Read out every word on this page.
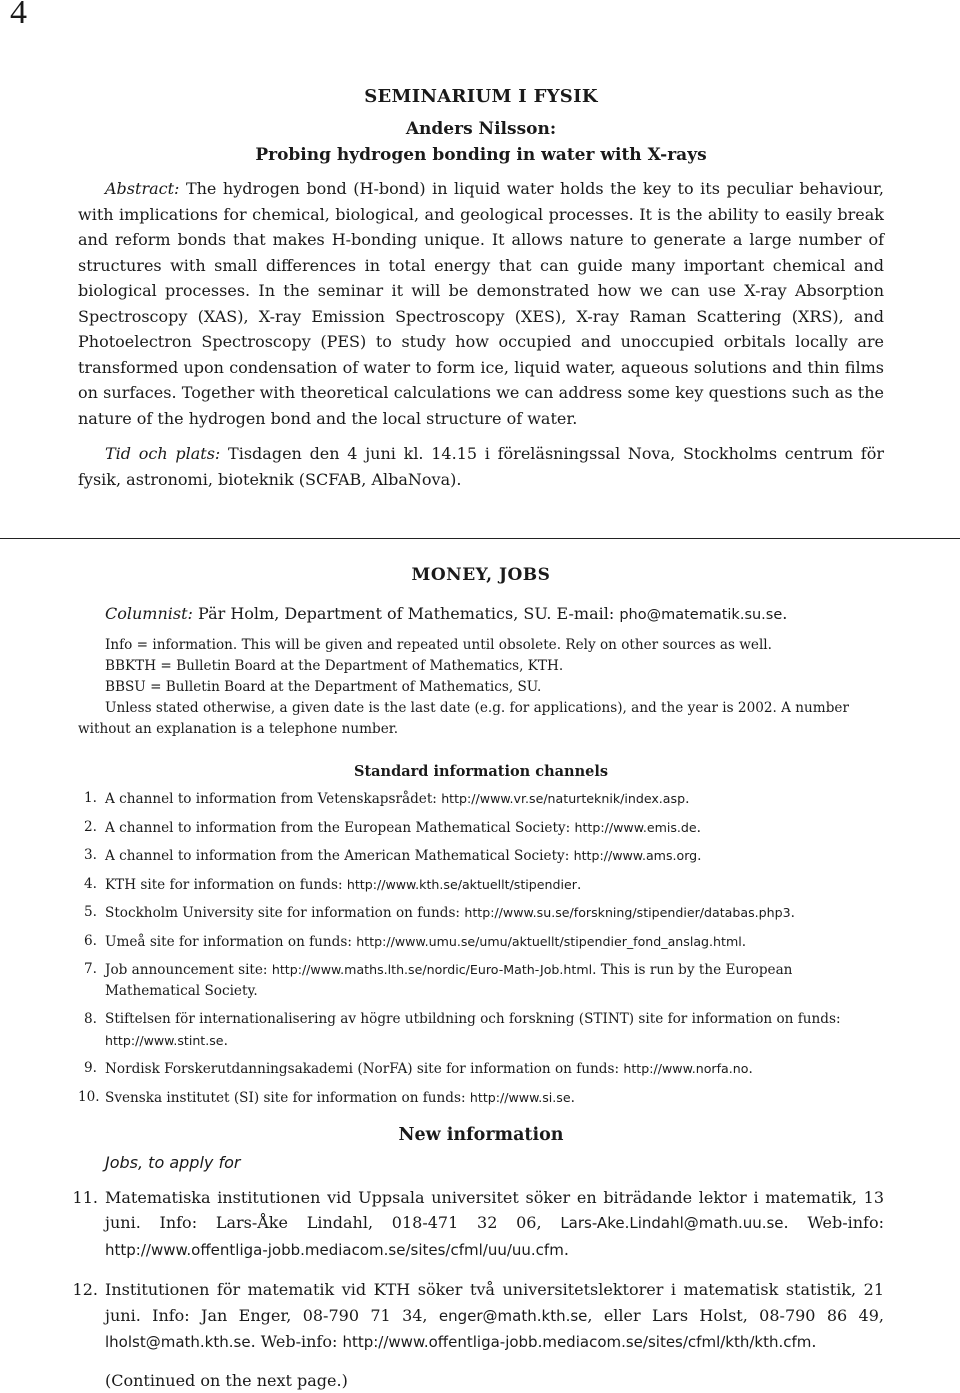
4
SEMINARIUM I FYSIK
Anders Nilsson:
Probing hydrogen bonding in water with X-rays

Abstract: The hydrogen bond (H-bond) in liquid water holds the key to its peculiar behaviour, with implications for chemical, biological, and geological processes. It is the ability to easily break and reform bonds that makes H-bonding unique. It allows nature to generate a large number of structures with small differences in total energy that can guide many important chemical and biological processes. In the seminar it will be demonstrated how we can use X-ray Absorption Spectroscopy (XAS), X-ray Emission Spectroscopy (XES), X-ray Raman Scattering (XRS), and Photoelectron Spectroscopy (PES) to study how occupied and unoccupied orbitals locally are transformed upon condensation of water to form ice, liquid water, aqueous solutions and thin films on surfaces. Together with theoretical calculations we can address some key questions such as the nature of the hydrogen bond and the local structure of water.

Tid och plats: Tisdagen den 4 juni kl. 14.15 i föreläsningssal Nova, Stockholms centrum för fysik, astronomi, bioteknik (SCFAB, AlbaNova).

MONEY, JOBS

Columnist: Pär Holm, Department of Mathematics, SU. E-mail: pho@matematik.su.se.

Info = information. This will be given and repeated until obsolete. Rely on other sources as well.

BBKTH = Bulletin Board at the Department of Mathematics, KTH.

BBSU = Bulletin Board at the Department of Mathematics, SU.

Unless stated otherwise, a given date is the last date (e.g. for applications), and the year is 2002. A number without an explanation is a telephone number.

Standard information channels
1. A channel to information from Vetenskapsrådet: http://www.vr.se/naturteknik/index.asp.
2. A channel to information from the European Mathematical Society: http://www.emis.de.
3. A channel to information from the American Mathematical Society: http://www.ams.org.
4. KTH site for information on funds: http://www.kth.se/aktuellt/stipendier.
5. Stockholm University site for information on funds: http://www.su.se/forskning/stipendier/databas.php3.
6. Umeå site for information on funds: http://www.umu.se/umu/aktuellt/stipendier_fond_anslag.html.
7. Job announcement site: http://www.maths.lth.se/nordic/Euro-Math-Job.html. This is run by the European Mathematical Society.
8. Stiftelsen för internationalisering av högre utbildning och forskning (STINT) site for information on funds: http://www.stint.se.
9. Nordisk Forskerutdanningsakademi (NorFA) site for information on funds: http://www.norfa.no.
10. Svenska institutet (SI) site for information on funds: http://www.si.se.
New information
Jobs, to apply for
11. Matematiska institutionen vid Uppsala universitet söker en biträdande lektor i matematik, 13 juni. Info: Lars-Åke Lindahl, 018-471 32 06, Lars-Ake.Lindahl@math.uu.se. Web-info: http://www.offentliga-jobb.mediacom.se/sites/cfml/uu/uu.cfm.
12. Institutionen för matematik vid KTH söker två universitetslektorer i matematisk statistik, 21 juni. Info: Jan Enger, 08-790 71 34, enger@math.kth.se, eller Lars Holst, 08-790 86 49, lholst@math.kth.se. Web-info: http://www.offentliga-jobb.mediacom.se/sites/cfml/kth/kth.cfm.

(Continued on the next page.)
